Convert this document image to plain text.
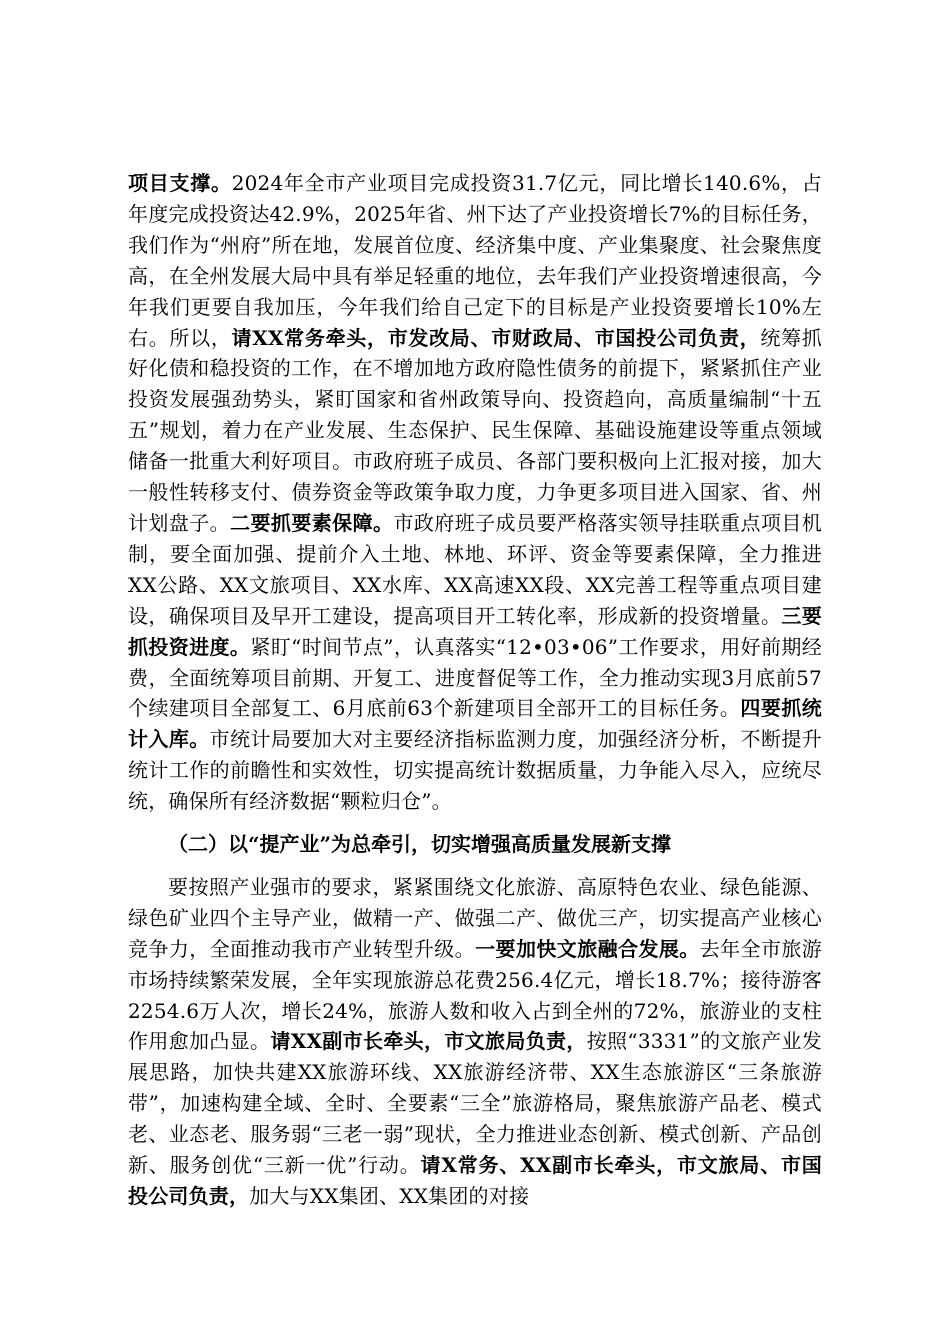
项目支撑。2024年全市产业项目完成投资31.7亿元，同比增长140.6%，占年度完成投资达42.9%，2025年省、州下达了产业投资增长7%的目标任务，我们作为“州府”所在地，发展首位度、经济集中度、产业集聚度、社会聚焦度高，在全州发展大局中具有举足轻重的地位，去年我们产业投资增速很高，今年我们更要自我加压，今年我们给自己定下的目标是产业投资要增长10%左右。所以，请XX常务牵头，市发改局、市财政局、市国投公司负责，统筹抓好化债和稳投资的工作，在不增加地方政府隐性债务的前提下，紧紧抓住产业投资发展强劲势头，紧盯国家和省州政策导向、投资趋向，高质量编制“十五五”规划，着力在产业发展、生态保护、民生保障、基础设施建设等重点领域储备一批重大利好项目。市政府班子成员、各部门要积极向上汇报对接，加大一般性转移支付、债券资金等政策争取力度，力争更多项目进入国家、省、州计划盘子。二要抓要素保障。市政府班子成员要严格落实领导挂联重点项目机制，要全面加强、提前介入土地、林地、环评、资金等要素保障，全力推进XX公路、XX文旅项目、XX水库、XX高速XX段、XX完善工程等重点项目建设，确保项目及早开工建设，提高项目开工转化率，形成新的投资增量。三要抓投资进度。紧盯“时间节点”，认真落实“12•03•06”工作要求，用好前期经费，全面统筹项目前期、开复工、进度督促等工作，全力推动实现3月底前57个续建项目全部复工、6月底前63个新建项目全部开工的目标任务。四要抓统计入库。市统计局要加大对主要经济指标监测力度，加强经济分析，不断提升统计工作的前瞻性和实效性，切实提高统计数据质量，力争能入尽入，应统尽统，确保所有经济数据“颗粒归仓”。

（二）以“提产业”为总牵引，切实增强高质量发展新支撑

要按照产业强市的要求，紧紧围绕文化旅游、高原特色农业、绿色能源、绿色矿业四个主导产业，做精一产、做强二产、做优三产，切实提高产业核心竞争力，全面推动我市产业转型升级。一要加快文旅融合发展。去年全市旅游市场持续繁荣发展，全年实现旅游总花费256.4亿元，增长18.7%；接待游客2254.6万人次，增长24%，旅游人数和收入占到全州的72%，旅游业的支柱作用愈加凸显。请XX副市长牵头，市文旅局负责，按照“3331”的文旅产业发展思路，加快共建XX旅游环线、XX旅游经济带、XX生态旅游区“三条旅游带”，加速构建全域、全时、全要素“三全”旅游格局，聚焦旅游产品老、模式老、业态老、服务弱“三老一弱”现状，全力推进业态创新、模式创新、产品创新、服务创优“三新一优”行动。请X常务、XX副市长牵头，市文旅局、市国投公司负责，加大与XX集团、XX集团的对接
